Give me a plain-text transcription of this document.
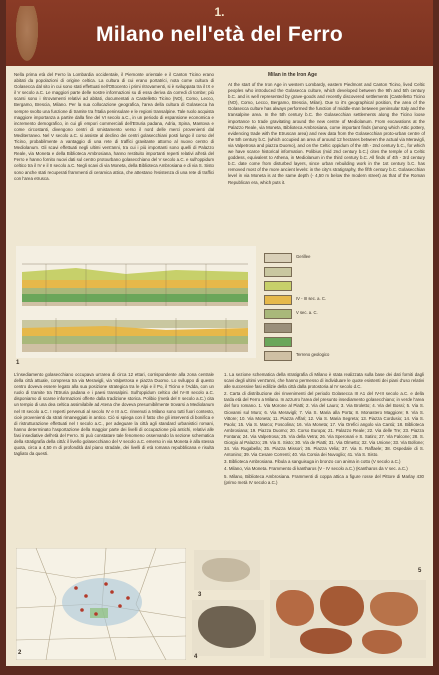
1.
Milano nell'età del Ferro
Nella prima età del Ferro la Lombardia occidentale, il Piemonte orientale e il Canton Ticino erano abitati da popolazioni di origine celtica. La cultura di cui erano portatrici, nota come cultura di Golasecca dal sito in cui sono stati effettuati nell'Ottocento i primi ritrovamenti, si è sviluppata tra il IX e il V secolo a.C. Le maggiori parte delle nostre informazioni su di essa deriva da corredi di tombe; più scarsi sono i ritrovamenti relativi ad abitati, documentati a Castelletto Ticino (NO), Como, Lecco, Bergamo, Brescia, Milano. Per la sua collocazione geografica, l'area della cultura di Golasecca ha sempre svolto una funzione di tramite tra l'Italia peninsulare e le regioni transalpine. Tale ruolo acquista maggiore importanza a partire dalla fine del VI secolo a.C., in un periodo di espansione economica e incremento demografico, in cui gli empori commerciali dell'Etruria padana, Adria, Spina, Mantova e come circostanti, divengono centri di smistamento verso il nord delle merci provenienti dal Mediterraneo. Nel V secolo a.C. si assiste al declino dei centri golasecchiani posti lungo il corso del Ticino, probabilmente a vantaggio di una rete di traffici gravitante attorno al nuovo centro di Mediolanum. Gli scavi effettuati negli ultimi vent'anni, tra cui i più importanti sono quelli di Palazzo Reale, via Moneta e della Biblioteca Ambrosiana, hanno restituito importanti reperti relativi all'età del Ferro e hanno fornito nuovi dati sul centro protourbano golasecchiano del V secolo a.C. e sull'oppidum celtico tra il IV e il II secolo a.C. Negli scavi di via Moneta, della Biblioteca Ambrosiana e di via S. Sisto sono anche stati recuperati frammenti di ceramica attica, che attestano l'esistenza di una rete di traffici con l'area etrusca.
Milan in the Iron Age
At the start of the Iron Age in western Lombardy, eastern Piedmont and Canton Ticino, lived Celtic peoples who introduced the Golasecca culture, which developed between the 9th and 5th century b.C. and is well represented by grave-goods and recently discovered settlements (Castelletto Ticino (NO), Como, Lecco, Bergamo, Brescia, Milan). Due to it's geographical position, the area of the Golasecca culture has always performed the function of middle-man between peninsular Italy and the transalpine area. In the 5th century b.C. the Golasecchian settlements along the Ticino loose importance to trade gravitating around the new centre of Mediolanum. From excavations at the Palazzo Reale, via Moneta, Biblioteca Ambrosiana, come important finds (among which Attic pottery, evidencing trade with the Etruscan area) and new data from the Golasecchian proto-urban centre of the 5th century b.C. (which occupied an area of around 12 hectares between the actual via Meravigli, via Valpetrosa and piazza Duomo), and on the Celtic oppidum of the 4th - 2nd century b.C., for which we have scarce historical information. Polibius (mid 2nd century b.C.) cites the temple of a Celtic goddess, equivalent to Athena, in Mediolanum in the third century b.C. All finds of 4th - 3rd century b.C. date come from disturbed layers, since urban rebuilding work in the 1st century b.C. has removed most of the more ancient levels: in the city's stratigraphy, the fifth century b.C. Golasecchian level in via Moneta is at the same depth (- 4,50 m below the modern street) as that of the Roman Republican era, which puts it.
Gerillee
IV - III sec. a. C.
V sec. a. C.
Terreno geologico
1
L'insediamento golasecchiano occupava un'area di circa 12 ettari, corrispondente alla zona centrale della città attuale, compresa tra via Meravigli, via Valpetrosa e piazza Duomo. Lo sviluppo di questo centro doveva essere legato alla sua posizione strategica tra le Alpi e il Po, il Ticino e l'Adda, con un ruolo di tramite tra l'Etruria padana e i paesi transalpini. Sull'oppidum celtico del IV-III secolo a.C. disponiamo di scarse informazioni offerte dalla tradizione storica. Polibio (metà del II secolo a.C.) cita un tempio di una dea celtica assimilabile ad Atena che doveva presumibilmente trovarsi a Mediolanum nel III secolo a.C. I reperti pervenuti al secolo IV e III a.C. rinvenuti a Milano sono tutti fuori contesto, cioè provenienti da strati rimaneggiati in antico. Ciò si spiega con il fatto che gli interventi di bonifica e di ristrutturazione effettuati nel I secolo a.C., per adeguare la città agli standard urbanistici romani, hanno determinato l'asportazione della maggior parte dei livelli di occupazione più antichi, relativi alle fasi insediative dell'età del Ferro. Si può constatare tale fenomeno osservando la sezione schematica della stratigrafia della città: il livello golasecchiano del V secolo a.C. emerso in via Moneta è alla stessa quota, circa a 4,50 m di profondità dal piano stradale, dei livelli di età romana repubblicana e risulta tagliato da questi.
1. La sezione schematica della stratigrafia di Milano è stata realizzata sulla base dei dati forniti dagli scavi degli ultimi vent'anni, che hanno permesso di individuare le quote esistenti dei piani d'uso relativi alle successive fasi edilizie della città dalla protostoria al IV secolo d.C.
2. Carta di distribuzione dei rinvenimenti del periodo Golasecca III A1 del IV-III secolo a.C. e della tarda età del Ferro a Milano. In azzurro l'area del presunto insediamento golasecchiano; in verde l'area del foro romano. 1. Via Morone al Piatti; 2. Via del Lauro; 3. Via Broletto; 4. Via del Bossi; 5. Via S. Giovanni sul Muro; 6. Via Meravigli; 7. Via S. Maria alla Porta; 8. Monastero Maggiore; 9. Via S. Vittore; 10. Via Moneta; 11. Piazza Affari; 12. Via S. Maria Segreta; 13. Piazza Cordusio; 14. Via S. Paolo; 15. Via S. Marco; Foscolina; 16. Via Moneta; 17. Via Orefici angolo via Cantù; 18. Biblioteca Ambrosiana; 19. Piazza Duomo; 20. Corso Europa; 21. Palazzo Reale; 22. Via delle Tre; 23. Piazza Fontana; 24. Via Valpetrosa; 25. Via della Vetra; 26. Via Speronari e S. Satiro; 27. Via Falcone; 28. S. Giorgio al Palazzo; 29. Via S. Sisto; 30. Via de Piatti; 31. Via Olmetto; 32. Via Unione; 33. Via Bollone; 34. Via Rugabella; 35. Piazza Missori; 36. Piazza Velia; 37. Via S. Raffaele; 38. Ospedale di S. Antonino; 39. Via Cesare Correnti; 40. Via Corsia dei Nuvoglio; 41. Via S. Sisto.
3. Biblioteca Ambrosiana. Fibula a sanguisuga in bronzo con anima in cotto (V secolo a.C.)
4. Milano, Via Moneta. Frammento di kantharos (V - IV secolo a.C.) (Kantharos da V sec. a.C.)
5. Milano, Biblioteca Ambrosiana. Frammenti di coppa attica a figure rosse del Pittore di Marlay 430 (primo metà IV secolo a.C.)
2
3
4
5
